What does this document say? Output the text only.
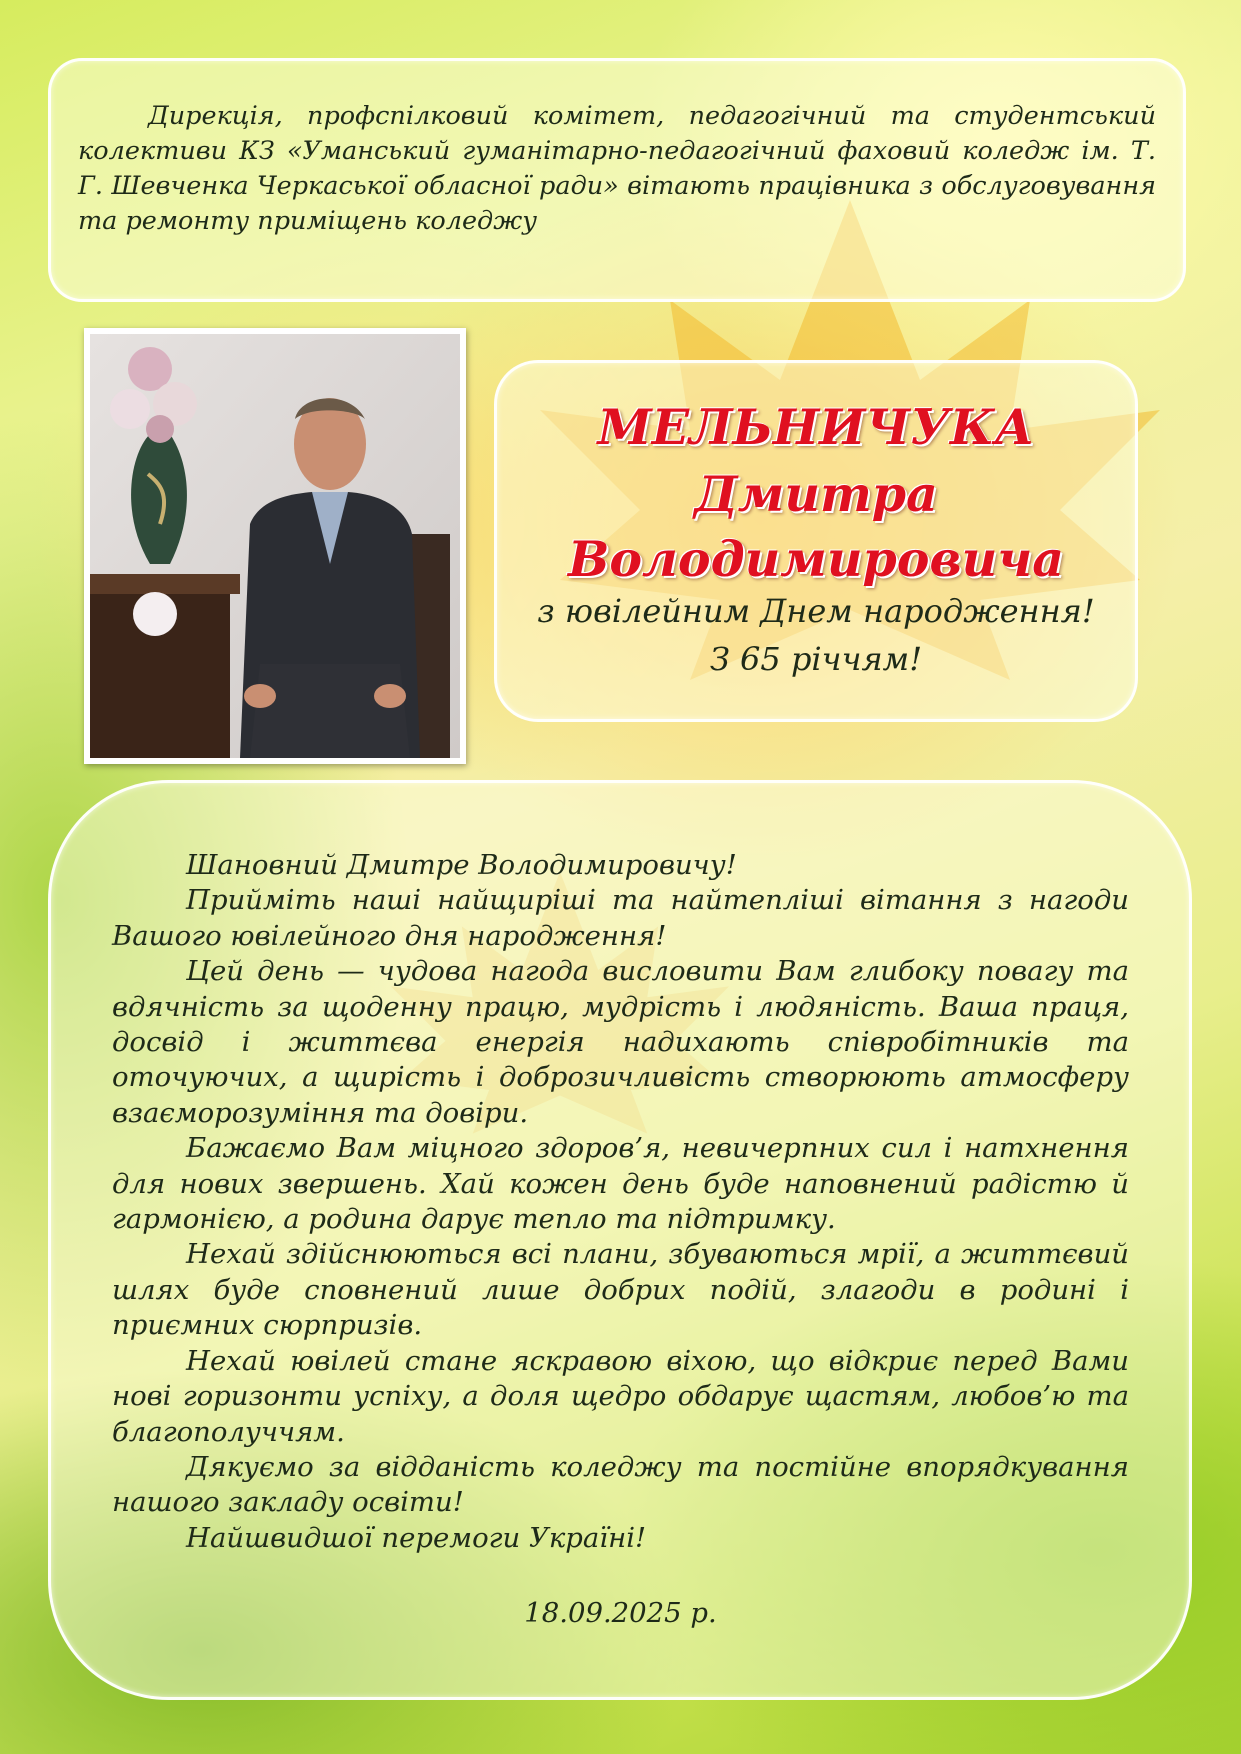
Дирекція, профспілковий комітет, педагогічний та студентський колективи КЗ «Уманський гуманітарно-педагогічний фаховий коледж ім. Т. Г. Шевченка Черкаської обласної ради» вітають працівника з обслуговування та ремонту приміщень коледжу

МЕЛЬНИЧУКА

Дмитра

Володимировича

з ювілейним Днем народження!

З 65 річчям!

Шановний Дмитре Володимировичу!

Прийміть наші найщиріші та найтепліші вітання з нагоди Вашого ювілейного дня народження!

Цей день — чудова нагода висловити Вам глибоку повагу та вдячність за щоденну працю, мудрість і людяність. Ваша праця, досвід і життєва енергія надихають співробітників та оточуючих, а щирість і доброзичливість створюють атмосферу взаєморозуміння та довіри.

Бажаємо Вам міцного здоров’я, невичерпних сил і натхнення для нових звершень. Хай кожен день буде наповнений радістю й гармонією, а родина дарує тепло та підтримку.

Нехай здійснюються всі плани, збуваються мрії, а життєвий шлях буде сповнений лише добрих подій, злагоди в родині і приємних сюрпризів.

Нехай ювілей стане яскравою віхою, що відкриє перед Вами нові горизонти успіху, а доля щедро обдарує щастям, любов’ю та благополуччям.

Дякуємо за відданість коледжу та постійне впорядкування нашого закладу освіти!

Найшвидшої перемоги Україні!

18.09.2025 р.
